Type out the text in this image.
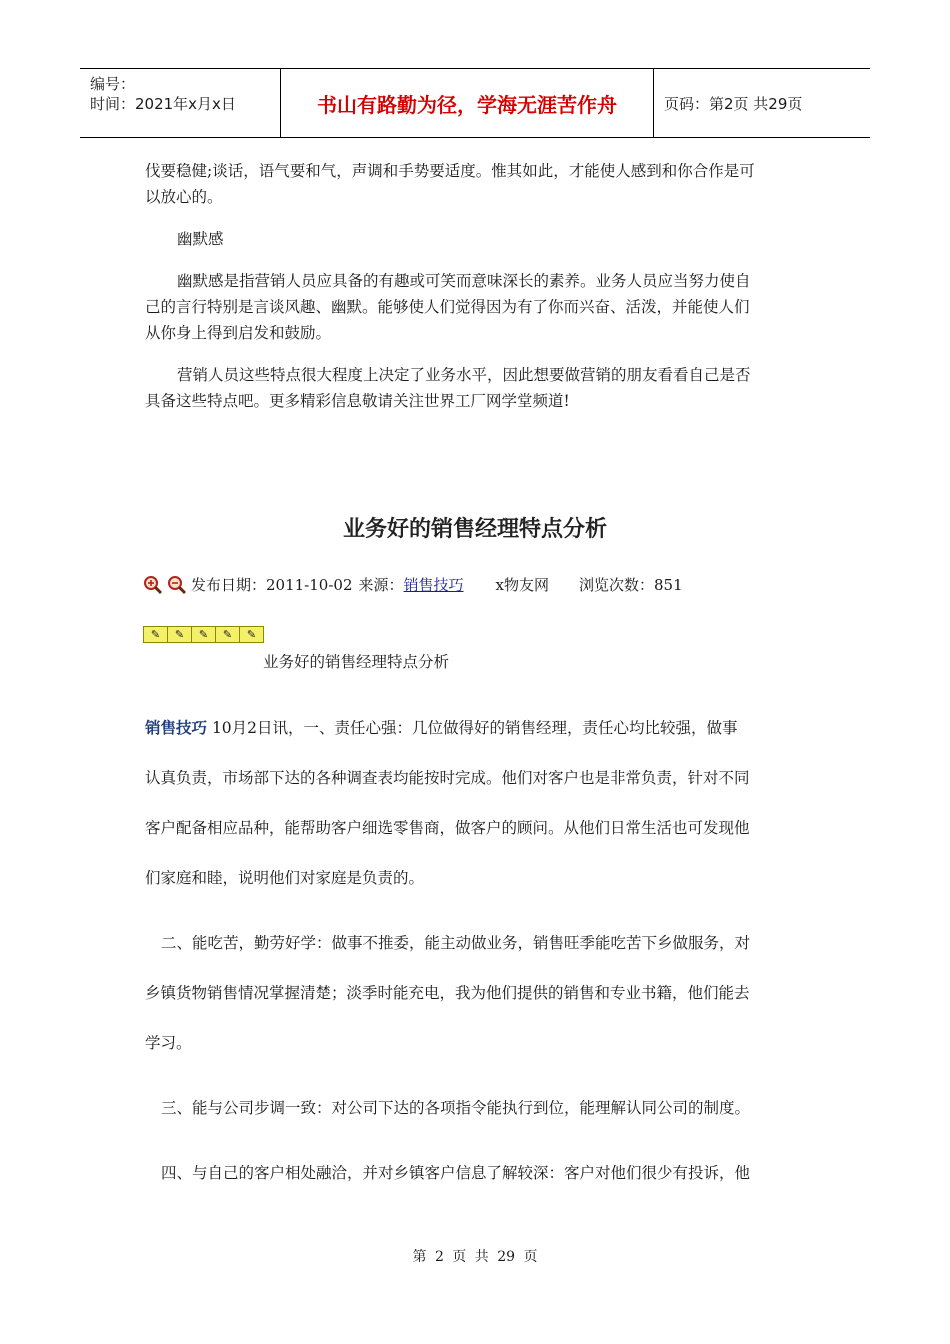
编号：
时间：2021年x月x日	书山有路勤为径，学海无涯苦作舟	页码：第2页 共29页
伐要稳健;谈话，语气要和气，声调和手势要适度。惟其如此，才能使人感到和你合作是可
以放心的。
幽默感
幽默感是指营销人员应具备的有趣或可笑而意味深长的素养。业务人员应当努力使自
己的言行特别是言谈风趣、幽默。能够使人们觉得因为有了你而兴奋、活泼，并能使人们
从你身上得到启发和鼓励。
营销人员这些特点很大程度上决定了业务水平，因此想要做营销的朋友看看自己是否
具备这些特点吧。更多精彩信息敬请关注世界工厂网学堂频道!
业务好的销售经理特点分析
发布日期：2011-10-02 来源： 销售技巧 x物友网 浏览次数：851
✎	✎	✎	✎	✎
业务好的销售经理特点分析
销售技巧 10月2日讯，一、责任心强：几位做得好的销售经理，责任心均比较强，做事
认真负责，市场部下达的各种调查表均能按时完成。他们对客户也是非常负责，针对不同
客户配备相应品种，能帮助客户细选零售商，做客户的顾问。从他们日常生活也可发现他
们家庭和睦，说明他们对家庭是负责的。
二、能吃苦，勤劳好学：做事不推委，能主动做业务，销售旺季能吃苦下乡做服务，对
乡镇货物销售情况掌握清楚；淡季时能充电，我为他们提供的销售和专业书籍，他们能去
学习。
三、能与公司步调一致：对公司下达的各项指令能执行到位，能理解认同公司的制度。
四、与自己的客户相处融洽，并对乡镇客户信息了解较深：客户对他们很少有投诉，他
第 2 页 共 29 页
